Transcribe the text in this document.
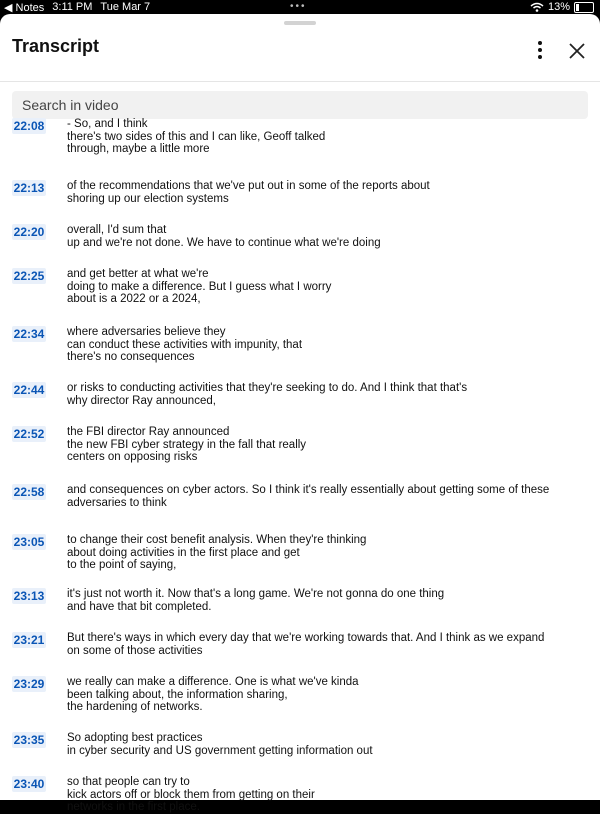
◀ Notes 3:11 PM Tue Mar 7	•••	13%
Transcript
Search in video
22:08 - So, and I think
there's two sides of this and I can like, Geoff talked
through, maybe a little more
22:13 of the recommendations that we've put out in some of the reports about
shoring up our election systems
22:20 overall, I'd sum that
up and we're not done. We have to continue what we're doing
22:25 and get better at what we're
doing to make a difference. But I guess what I worry
about is a 2022 or a 2024,
22:34 where adversaries believe they
can conduct these activities with impunity, that
there's no consequences
22:44 or risks to conducting activities that they're seeking to do. And I think that that's
why director Ray announced,
22:52 the FBI director Ray announced
the new FBI cyber strategy in the fall that really
centers on opposing risks
22:58 and consequences on cyber actors. So I think it's really essentially about getting some of these
adversaries to think
23:05 to change their cost benefit analysis. When they're thinking
about doing activities in the first place and get
to the point of saying,
23:13 it's just not worth it. Now that's a long game. We're not gonna do one thing
and have that bit completed.
23:21 But there's ways in which every day that we're working towards that. And I think as we expand
on some of those activities
23:29 we really can make a difference. One is what we've kinda
been talking about, the information sharing,
the hardening of networks.
23:35 So adopting best practices
in cyber security and US government getting information out
23:40 so that people can try to
kick actors off or block them from getting on their
networks in the first place.
